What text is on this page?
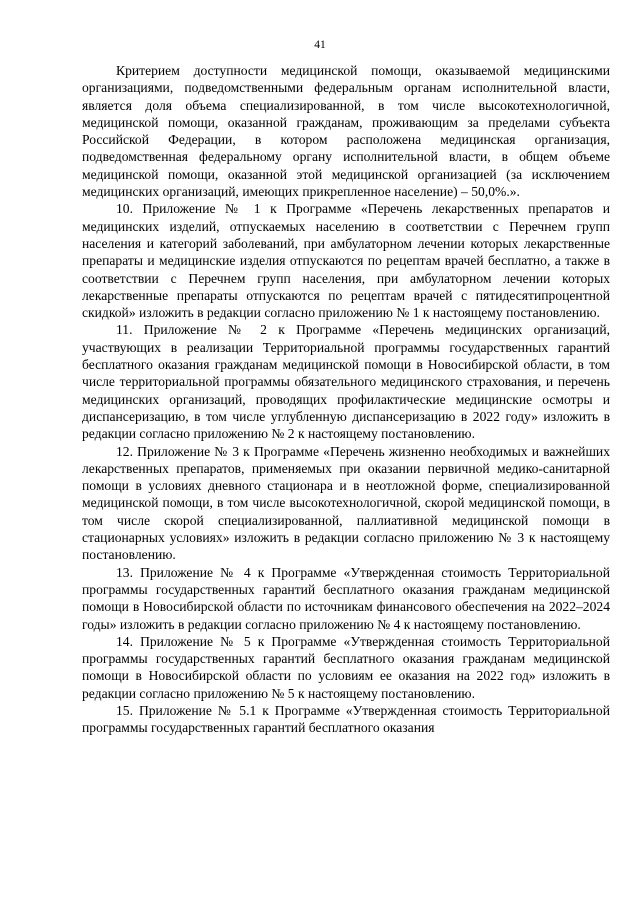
41

Критерием доступности медицинской помощи, оказываемой медицинскими организациями, подведомственными федеральным органам исполнительной власти, является доля объема специализированной, в том числе высокотехнологичной, медицинской помощи, оказанной гражданам, проживающим за пределами субъекта Российской Федерации, в котором расположена медицинская организация, подведомственная федеральному органу исполнительной власти, в общем объеме медицинской помощи, оказанной этой медицинской организацией (за исключением медицинских организаций, имеющих прикрепленное население) – 50,0%.».

10. Приложение № 1 к Программе «Перечень лекарственных препаратов и медицинских изделий, отпускаемых населению в соответствии с Перечнем групп населения и категорий заболеваний, при амбулаторном лечении которых лекарственные препараты и медицинские изделия отпускаются по рецептам врачей бесплатно, а также в соответствии с Перечнем групп населения, при амбулаторном лечении которых лекарственные препараты отпускаются по рецептам врачей с пятидесятипроцентной скидкой» изложить в редакции согласно приложению № 1 к настоящему постановлению.

11. Приложение № 2 к Программе «Перечень медицинских организаций, участвующих в реализации Территориальной программы государственных гарантий бесплатного оказания гражданам медицинской помощи в Новосибирской области, в том числе территориальной программы обязательного медицинского страхования, и перечень медицинских организаций, проводящих профилактические медицинские осмотры и диспансеризацию, в том числе углубленную диспансеризацию в 2022 году» изложить в редакции согласно приложению № 2 к настоящему постановлению.

12. Приложение № 3 к Программе «Перечень жизненно необходимых и важнейших лекарственных препаратов, применяемых при оказании первичной медико-санитарной помощи в условиях дневного стационара и в неотложной форме, специализированной медицинской помощи, в том числе высокотехнологичной, скорой медицинской помощи, в том числе скорой специализированной, паллиативной медицинской помощи в стационарных условиях» изложить в редакции согласно приложению № 3 к настоящему постановлению.

13. Приложение № 4 к Программе «Утвержденная стоимость Территориальной программы государственных гарантий бесплатного оказания гражданам медицинской помощи в Новосибирской области по источникам финансового обеспечения на 2022–2024 годы» изложить в редакции согласно приложению № 4 к настоящему постановлению.

14. Приложение № 5 к Программе «Утвержденная стоимость Территориальной программы государственных гарантий бесплатного оказания гражданам медицинской помощи в Новосибирской области по условиям ее оказания на 2022 год» изложить в редакции согласно приложению № 5 к настоящему постановлению.

15. Приложение № 5.1 к Программе «Утвержденная стоимость Территориальной программы государственных гарантий бесплатного оказания
